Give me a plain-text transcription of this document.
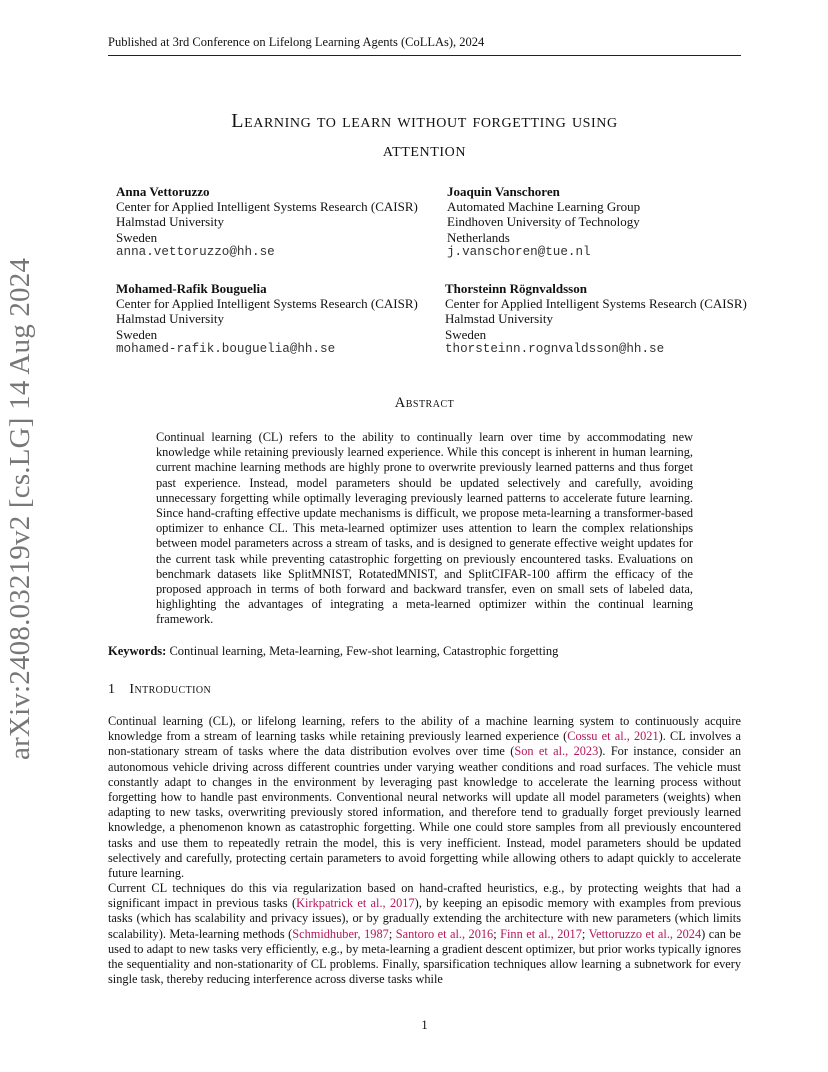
Published at 3rd Conference on Lifelong Learning Agents (CoLLAs), 2024
arXiv:2408.03219v2 [cs.LG] 14 Aug 2024
Learning to learn without forgetting using
attention
Anna Vettoruzzo
Center for Applied Intelligent Systems Research (CAISR)
Halmstad University
Sweden
anna.vettoruzzo@hh.se
Joaquin Vanschoren
Automated Machine Learning Group
Eindhoven University of Technology
Netherlands
j.vanschoren@tue.nl
Mohamed-Rafik Bouguelia
Center for Applied Intelligent Systems Research (CAISR)
Halmstad University
Sweden
mohamed-rafik.bouguelia@hh.se
Thorsteinn Rögnvaldsson
Center for Applied Intelligent Systems Research (CAISR)
Halmstad University
Sweden
thorsteinn.rognvaldsson@hh.se
Abstract
Continual learning (CL) refers to the ability to continually learn over time by accommodating new knowledge while retaining previously learned experience. While this concept is inherent in human learning, current machine learning methods are highly prone to overwrite previously learned patterns and thus forget past experience. Instead, model parameters should be updated selectively and carefully, avoiding unnecessary forgetting while optimally leveraging previously learned patterns to accelerate future learning. Since hand-crafting effective update mechanisms is difficult, we propose meta-learning a transformer-based optimizer to enhance CL. This meta-learned optimizer uses attention to learn the complex relationships between model parameters across a stream of tasks, and is designed to generate effective weight updates for the current task while preventing catastrophic forgetting on previously encountered tasks. Evaluations on benchmark datasets like SplitMNIST, RotatedMNIST, and SplitCIFAR-100 affirm the efficacy of the proposed approach in terms of both forward and backward transfer, even on small sets of labeled data, highlighting the advantages of integrating a meta-learned optimizer within the continual learning framework.
Keywords: Continual learning, Meta-learning, Few-shot learning, Catastrophic forgetting
1 Introduction
Continual learning (CL), or lifelong learning, refers to the ability of a machine learning system to continuously acquire knowledge from a stream of learning tasks while retaining previously learned experience (Cossu et al., 2021). CL involves a non-stationary stream of tasks where the data distribution evolves over time (Son et al., 2023). For instance, consider an autonomous vehicle driving across different countries under varying weather conditions and road surfaces. The vehicle must constantly adapt to changes in the environment by leveraging past knowledge to accelerate the learning process without forgetting how to handle past environments. Conventional neural networks will update all model parameters (weights) when adapting to new tasks, overwriting previously stored information, and therefore tend to gradually forget previously learned knowledge, a phenomenon known as catastrophic forgetting. While one could store samples from all previously encountered tasks and use them to repeatedly retrain the model, this is very inefficient. Instead, model parameters should be updated selectively and carefully, protecting certain parameters to avoid forgetting while allowing others to adapt quickly to accelerate future learning.
Current CL techniques do this via regularization based on hand-crafted heuristics, e.g., by protecting weights that had a significant impact in previous tasks (Kirkpatrick et al., 2017), by keeping an episodic memory with examples from previous tasks (which has scalability and privacy issues), or by gradually extending the architecture with new parameters (which limits scalability). Meta-learning methods (Schmidhuber, 1987; Santoro et al., 2016; Finn et al., 2017; Vettoruzzo et al., 2024) can be used to adapt to new tasks very efficiently, e.g., by meta-learning a gradient descent optimizer, but prior works typically ignores the sequentiality and non-stationarity of CL problems. Finally, sparsification techniques allow learning a subnetwork for every single task, thereby reducing interference across diverse tasks while
1
